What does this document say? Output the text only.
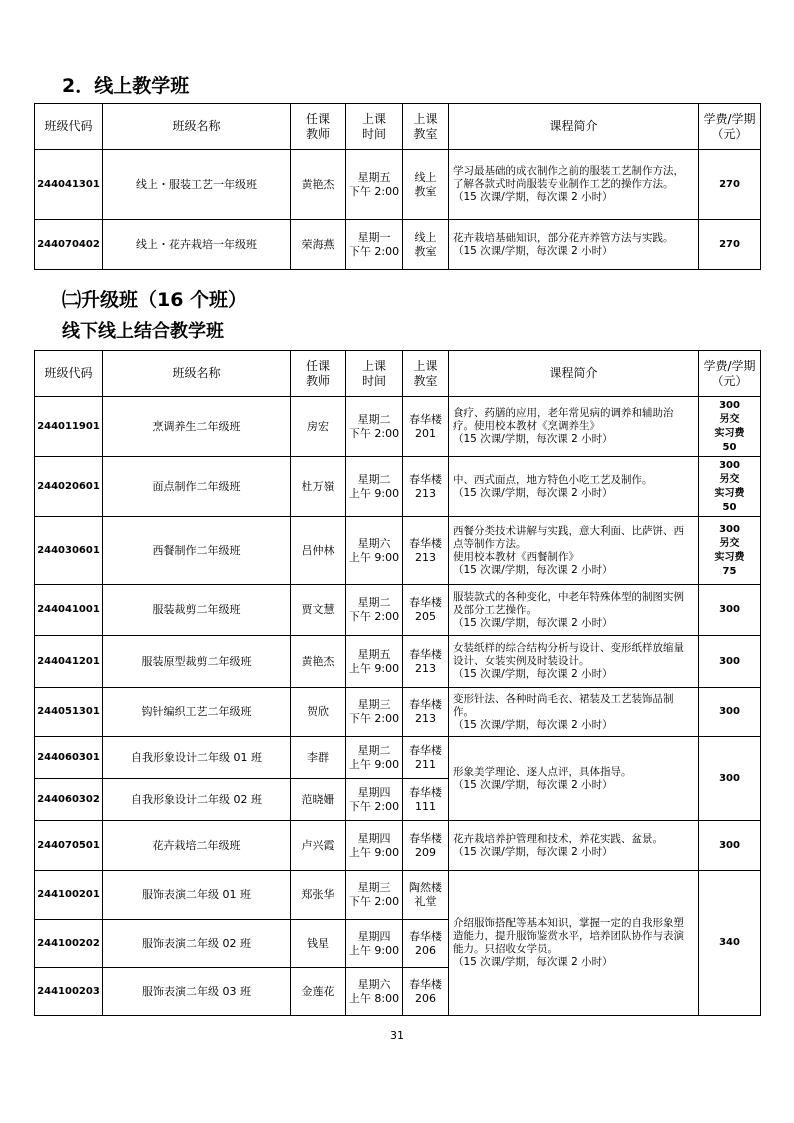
2．线上教学班
班级代码	班级名称	任课
教师	上课
时间	上课
教室	课程简介	学费/学期
（元）
244041301	线上・服装工艺一年级班	黄艳杰	星期五
下午 2:00	线上
教室	学习最基础的成衣制作之前的服装工艺制作方法，了解各款式时尚服装专业制作工艺的操作方法。
（15 次课/学期，每次课 2 小时）	270
244070402	线上・花卉栽培一年级班	荣海燕	星期一
下午 2:00	线上
教室	花卉栽培基础知识，部分花卉养管方法与实践。
（15 次课/学期，每次课 2 小时）	270
㈡升级班（16 个班）
线下线上结合教学班
班级代码	班级名称	任课
教师	上课
时间	上课
教室	课程简介	学费/学期
（元）
244011901	烹调养生二年级班	房宏	星期二
下午 2:00	春华楼
201	食疗、药膳的应用，老年常见病的调养和辅助治疗。使用校本教材《烹调养生》
（15 次课/学期，每次课 2 小时）	300
另交
实习费
50
244020601	面点制作二年级班	杜万嶺	星期二
上午 9:00	春华楼
213	中、西式面点，地方特色小吃工艺及制作。
（15 次课/学期，每次课 2 小时）	300
另交
实习费
50
244030601	西餐制作二年级班	吕仲林	星期六
上午 9:00	春华楼
213	西餐分类技术讲解与实践，意大利面、比萨饼、西点等制作方法。
使用校本教材《西餐制作》
（15 次课/学期，每次课 2 小时）	300
另交
实习费
75
244041001	服装裁剪二年级班	贾文慧	星期二
下午 2:00	春华楼
205	服装款式的各种变化，中老年特殊体型的制图实例及部分工艺操作。
（15 次课/学期，每次课 2 小时）	300
244041201	服装原型裁剪二年级班	黄艳杰	星期五
上午 9:00	春华楼
213	女装纸样的综合结构分析与设计、变形纸样放缩量设计、女装实例及时装设计。
（15 次课/学期，每次课 2 小时）	300
244051301	钩针编织工艺二年级班	贺欣	星期三
下午 2:00	春华楼
213	变形针法、各种时尚毛衣、裙装及工艺装饰品制作。
（15 次课/学期，每次课 2 小时）	300
244060301	自我形象设计二年级 01 班	李群	星期二
上午 9:00	春华楼
211	形象美学理论、逐人点评，具体指导。
（15 次课/学期，每次课 2 小时）	300
244060302	自我形象设计二年级 02 班	范晓姗	星期四
下午 2:00	春华楼
111		
244070501	花卉栽培二年级班	卢兴霞	星期四
上午 9:00	春华楼
209	花卉栽培养护管理和技术，养花实践、盆景。
（15 次课/学期，每次课 2 小时）	300
244100201	服饰表演二年级 01 班	郑张华	星期三
下午 2:00	陶然楼
礼堂	介绍服饰搭配等基本知识，掌握一定的自我形象塑造能力，提升服饰鉴赏水平，培养团队协作与表演能力。只招收女学员。
（15 次课/学期，每次课 2 小时）	340
244100202	服饰表演二年级 02 班	钱星	星期四
上午 9:00	春华楼
206		
244100203	服饰表演二年级 03 班	金莲花	星期六
上午 8:00	春华楼
206		
31
